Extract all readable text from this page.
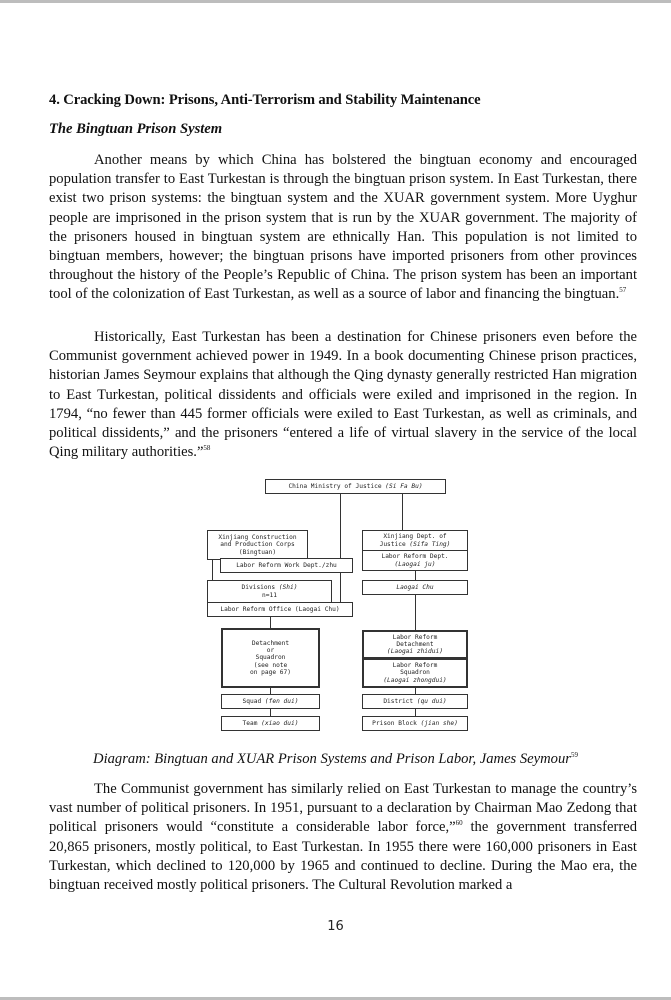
4. Cracking Down: Prisons, Anti-Terrorism and Stability Maintenance
The Bingtuan Prison System

Another means by which China has bolstered the bingtuan economy and encouraged population transfer to East Turkestan is through the bingtuan prison system. In East Turkestan, there exist two prison systems: the bingtuan system and the XUAR government system. More Uyghur people are imprisoned in the prison system that is run by the XUAR government. The majority of the prisoners housed in bingtuan system are ethnically Han. This population is not limited to bingtuan members, however; the bingtuan prisons have imported prisoners from other provinces throughout the history of the People’s Republic of China. The prison system has been an important tool of the colonization of East Turkestan, as well as a source of labor and financing the bingtuan.$^{57}$

Historically, East Turkestan has been a destination for Chinese prisoners even before the Communist government achieved power in 1949. In a book documenting Chinese prison practices, historian James Seymour explains that although the Qing dynasty generally restricted Han migration to East Turkestan, political dissidents and officials were exiled and imprisoned in the region. In 1794, “no fewer than 445 former officials were exiled to East Turkestan, as well as criminals, and political dissidents,” and the prisoners “entered a life of virtual slavery in the service of the local Qing military authorities.”$^{58}$

China Ministry of Justice (Si Fa Bu)
Xinjiang Construction
and Production Corps
(Bingtuan)
Labor Reform Work Dept./zhu
Divisions (Shi)
n=11
Labor Reform Office (Laogai Chu)
Detachment
or
Squadron
(see note
on page 67)
Squad (fen dui)
Team (xiao dui)
Xinjiang Dept. of
Justice (Sifa Ting)
Labor Reform Dept.
(Laogai ju)
Laogai Chu
Labor Reform
Detachment
(Laogai zhidui)
Labor Reform
Squadron
(Laogai zhongdui)
District (qu dui)
Prison Block (jian she)
Diagram: Bingtuan and XUAR Prison Systems and Prison Labor, James Seymour$^{59}$

The Communist government has similarly relied on East Turkestan to manage the country’s vast number of political prisoners. In 1951, pursuant to a declaration by Chairman Mao Zedong that political prisoners would “constitute a considerable labor force,”$^{60}$ the government transferred 20,865 prisoners, mostly political, to East Turkestan. In 1955 there were 160,000 prisoners in East Turkestan, which declined to 120,000 by 1965 and continued to decline. During the Mao era, the bingtuan received mostly political prisoners. The Cultural Revolution marked a

16
